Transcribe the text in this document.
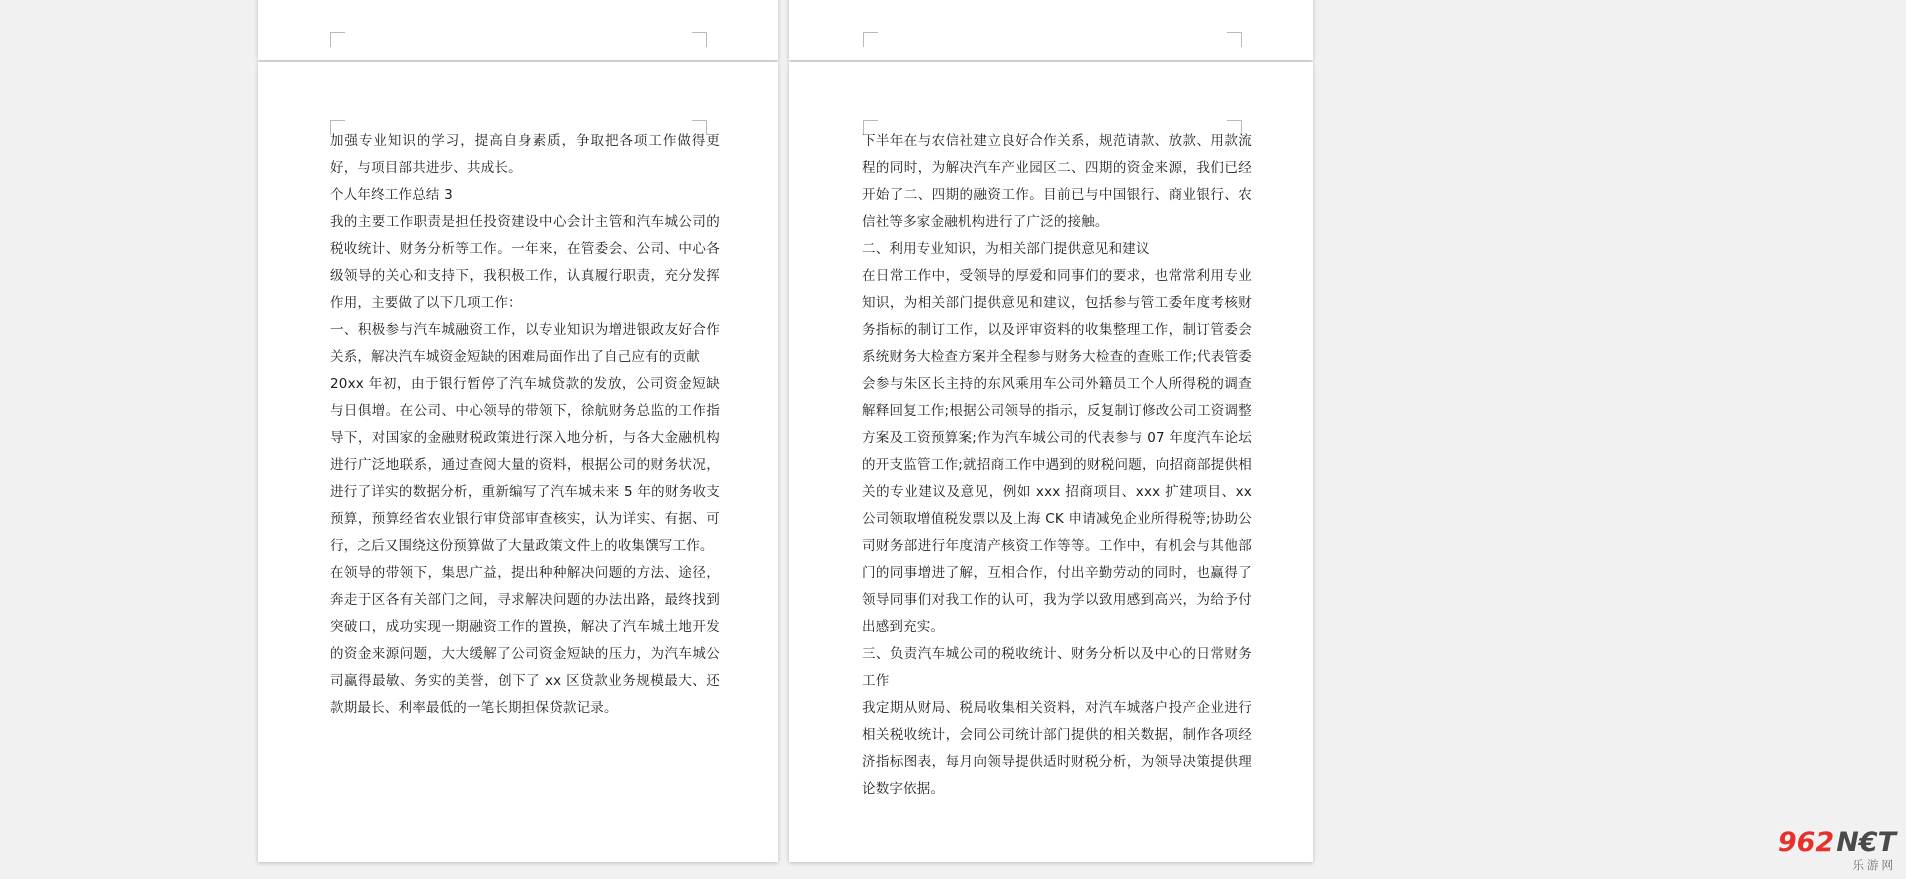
加强专业知识的学习，提高自身素质，争取把各项工作做得更好，与项目部共进步、共成长。

个人年终工作总结 3

我的主要工作职责是担任投资建设中心会计主管和汽车城公司的税收统计、财务分析等工作。一年来，在管委会、公司、中心各级领导的关心和支持下，我积极工作，认真履行职责，充分发挥作用，主要做了以下几项工作：

一、积极参与汽车城融资工作，以专业知识为增进银政友好合作关系，解决汽车城资金短缺的困难局面作出了自己应有的贡献

20xx 年初，由于银行暂停了汽车城贷款的发放，公司资金短缺与日俱增。在公司、中心领导的带领下，徐航财务总监的工作指导下，对国家的金融财税政策进行深入地分析，与各大金融机构进行广泛地联系，通过查阅大量的资料，根据公司的财务状况，进行了详实的数据分析，重新编写了汽车城未来 5 年的财务收支预算，预算经省农业银行审贷部审查核实，认为详实、有据、可行，之后又围绕这份预算做了大量政策文件上的收集馔写工作。

在领导的带领下，集思广益，提出种种解决问题的方法、途径，奔走于区各有关部门之间，寻求解决问题的办法出路，最终找到突破口，成功实现一期融资工作的置换，解决了汽车城土地开发的资金来源问题，大大缓解了公司资金短缺的压力，为汽车城公司赢得最敏、务实的美誉，创下了 xx 区贷款业务规模最大、还款期最长、利率最低的一笔长期担保贷款记录。

下半年在与农信社建立良好合作关系，规范请款、放款、用款流程的同时，为解决汽车产业园区二、四期的资金来源，我们已经开始了二、四期的融资工作。目前已与中国银行、商业银行、农信社等多家金融机构进行了广泛的接触。

二、利用专业知识，为相关部门提供意见和建议

在日常工作中，受领导的厚爱和同事们的要求，也常常利用专业知识，为相关部门提供意见和建议，包括参与管工委年度考核财务指标的制订工作，以及评审资料的收集整理工作，制订管委会系统财务大检查方案并全程参与财务大检查的查账工作;代表管委会参与朱区长主持的东风乘用车公司外籍员工个人所得税的调查解释回复工作;根据公司领导的指示，反复制订修改公司工资调整方案及工资预算案;作为汽车城公司的代表参与 07 年度汽车论坛的开支监管工作;就招商工作中遇到的财税问题，向招商部提供相关的专业建议及意见，例如 xxx 招商项目、xxx 扩建项目、xx 公司领取增值税发票以及上海 CK 申请减免企业所得税等;协助公司财务部进行年度清产核资工作等等。工作中，有机会与其他部门的同事增进了解，互相合作，付出辛勤劳动的同时，也赢得了领导同事们对我工作的认可，我为学以致用感到高兴，为给予付出感到充实。

三、负责汽车城公司的税收统计、财务分析以及中心的日常财务工作

我定期从财局、税局收集相关资料，对汽车城落户投产企业进行相关税收统计，会同公司统计部门提供的相关数据，制作各项经济指标图表，每月向领导提供适时财税分析，为领导决策提供理论数字依据。

962 N€T
乐游网
